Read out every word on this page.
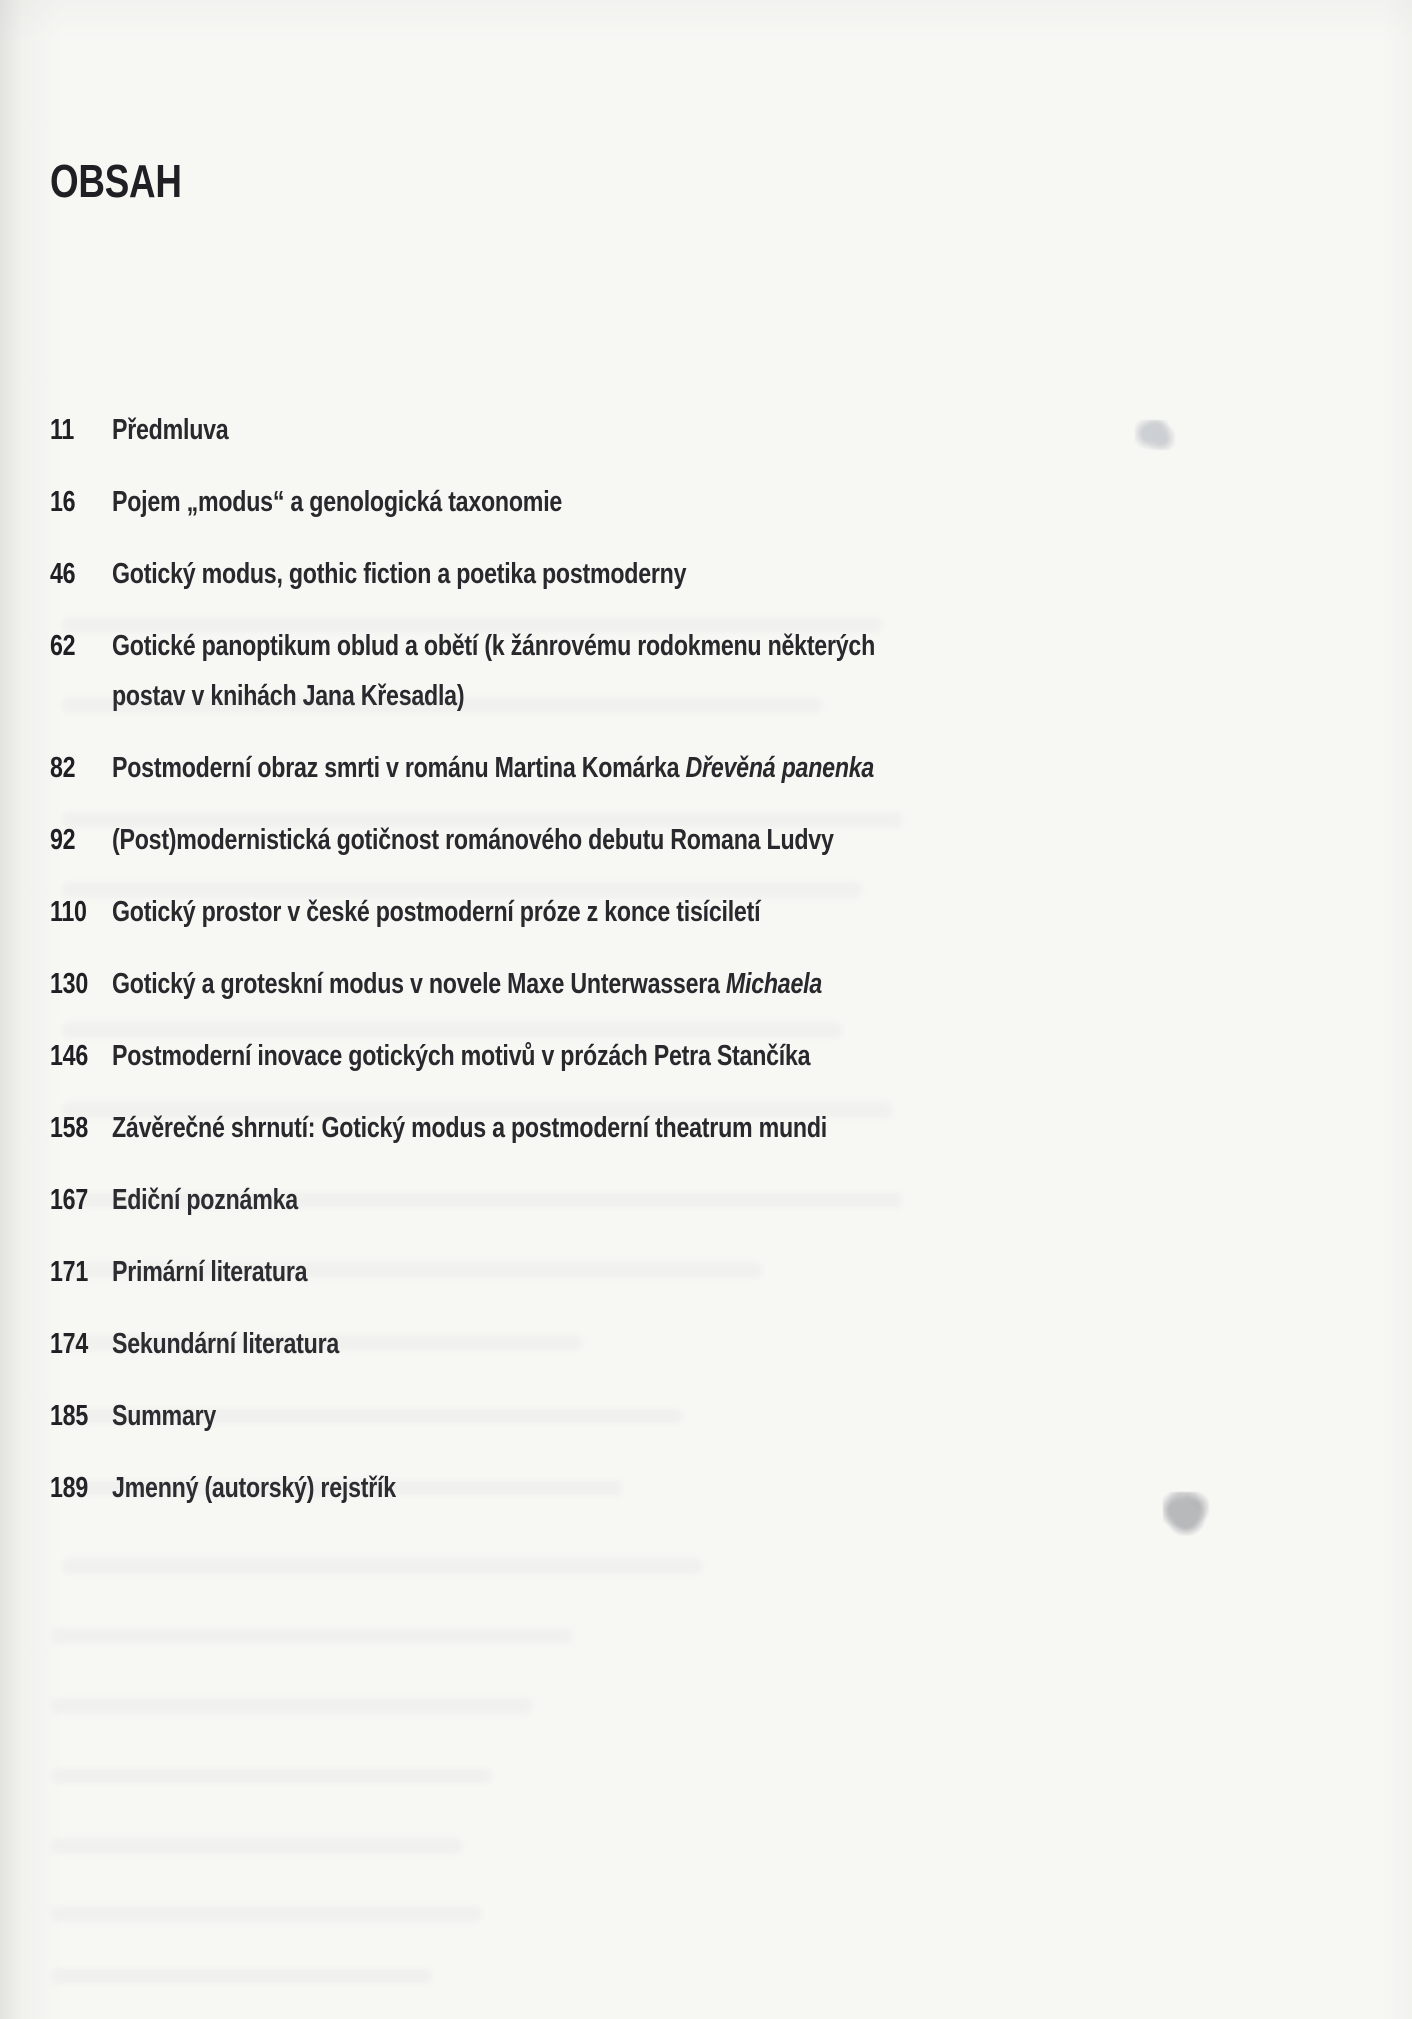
OBSAH
11	Předmluva
16	Pojem „modus“ a genologická taxonomie
46	Gotický modus, gothic fiction a poetika postmoderny
62	Gotické panoptikum oblud a obětí (k žánrovému rodokmenu některých
postav v knihách Jana Křesadla)
82	Postmoderní obraz smrti v románu Martina Komárka Dřevěná panenka
92	(Post)modernistická gotičnost románového debutu Romana Ludvy
110 Gotický prostor v české postmoderní próze z konce tisíciletí
130 Gotický a groteskní modus v novele Maxe Unterwassera Michaela
146 Postmoderní inovace gotických motivů v prózách Petra Stančíka
158 Závěrečné shrnutí: Gotický modus a postmoderní theatrum mundi
167 Ediční poznámka
171 Primární literatura
174 Sekundární literatura
185 Summary
189 Jmenný (autorský) rejstřík
